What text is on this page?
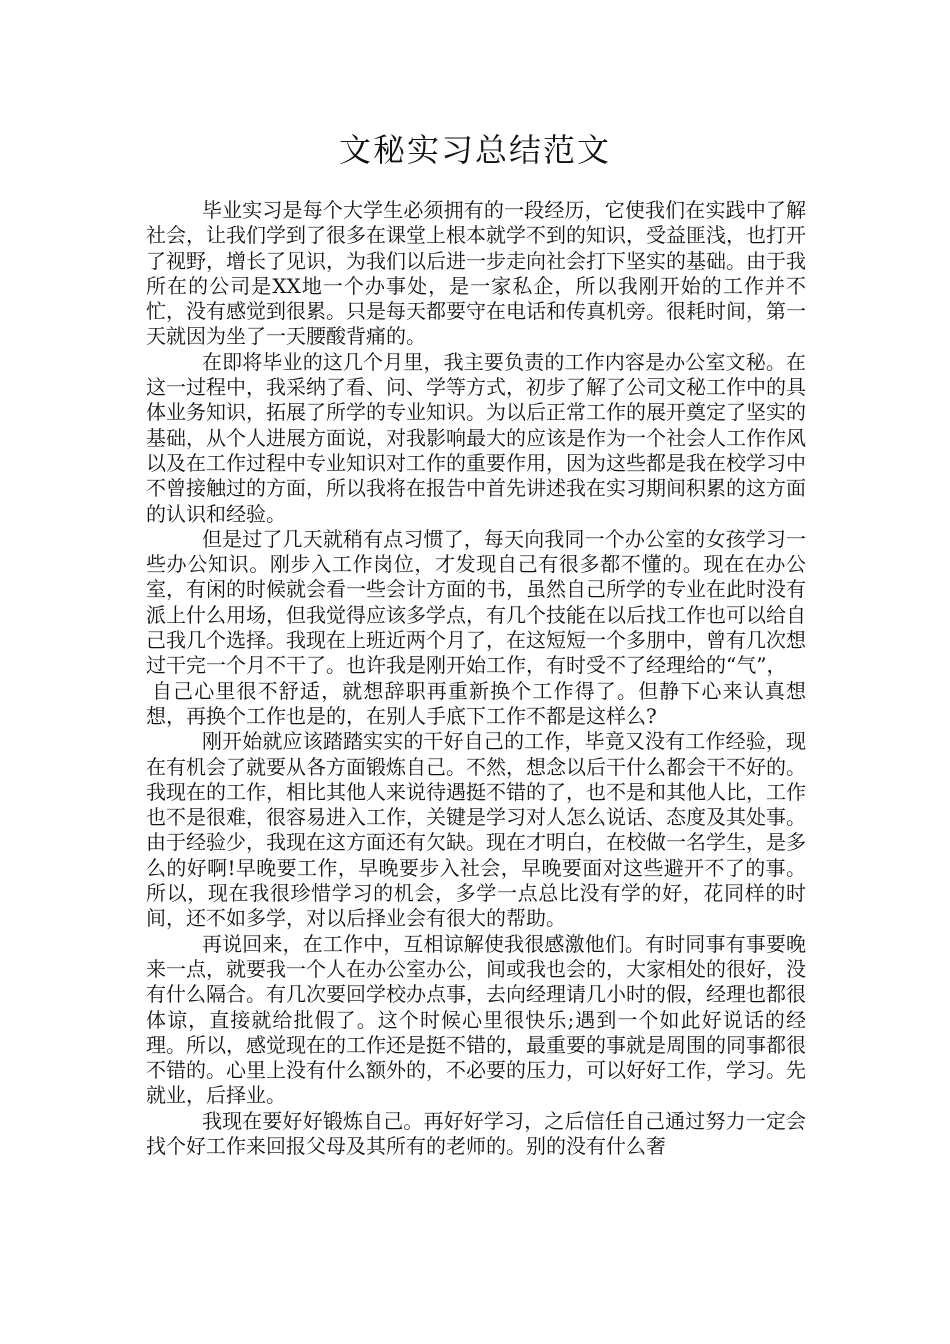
文秘实习总结范文

毕业实习是每个大学生必须拥有的一段经历，它使我们在实践中了解社会，让我们学到了很多在课堂上根本就学不到的知识，受益匪浅，也打开了视野，增长了见识，为我们以后进一步走向社会打下坚实的基础。由于我所在的公司是XX地一个办事处，是一家私企，所以我刚开始的工作并不忙，没有感觉到很累。只是每天都要守在电话和传真机旁。很耗时间，第一天就因为坐了一天腰酸背痛的。

在即将毕业的这几个月里，我主要负责的工作内容是办公室文秘。在这一过程中，我采纳了看、问、学等方式，初步了解了公司文秘工作中的具体业务知识，拓展了所学的专业知识。为以后正常工作的展开奠定了坚实的基础，从个人进展方面说，对我影响最大的应该是作为一个社会人工作作风以及在工作过程中专业知识对工作的重要作用，因为这些都是我在校学习中不曾接触过的方面，所以我将在报告中首先讲述我在实习期间积累的这方面的认识和经验。

但是过了几天就稍有点习惯了，每天向我同一个办公室的女孩学习一些办公知识。刚步入工作岗位，才发现自己有很多都不懂的。现在在办公室，有闲的时候就会看一些会计方面的书，虽然自己所学的专业在此时没有派上什么用场，但我觉得应该多学点，有几个技能在以后找工作也可以给自己我几个选择。我现在上班近两个月了，在这短短一个多朋中，曾有几次想过干完一个月不干了。也许我是刚开始工作，有时受不了经理给的“气”，

自己心里很不舒适，就想辞职再重新换个工作得了。但静下心来认真想想，再换个工作也是的，在别人手底下工作不都是这样么?

刚开始就应该踏踏实实的干好自己的工作，毕竟又没有工作经验，现在有机会了就要从各方面锻炼自己。不然，想念以后干什么都会干不好的。我现在的工作，相比其他人来说待遇挺不错的了，也不是和其他人比，工作也不是很难，很容易进入工作，关键是学习对人怎么说话、态度及其处事。由于经验少，我现在这方面还有欠缺。现在才明白，在校做一名学生，是多么的好啊!早晚要工作，早晚要步入社会，早晚要面对这些避开不了的事。所以，现在我很珍惜学习的机会，多学一点总比没有学的好，花同样的时间，还不如多学，对以后择业会有很大的帮助。

再说回来，在工作中，互相谅解使我很感激他们。有时同事有事要晚来一点，就要我一个人在办公室办公，间或我也会的，大家相处的很好，没有什么隔合。有几次要回学校办点事，去向经理请几小时的假，经理也都很体谅，直接就给批假了。这个时候心里很快乐;遇到一个如此好说话的经理。所以，感觉现在的工作还是挺不错的，最重要的事就是周围的同事都很不错的。心里上没有什么额外的，不必要的压力，可以好好工作，学习。先就业，后择业。

我现在要好好锻炼自己。再好好学习，之后信任自己通过努力一定会找个好工作来回报父母及其所有的老师的。别的没有什么奢
